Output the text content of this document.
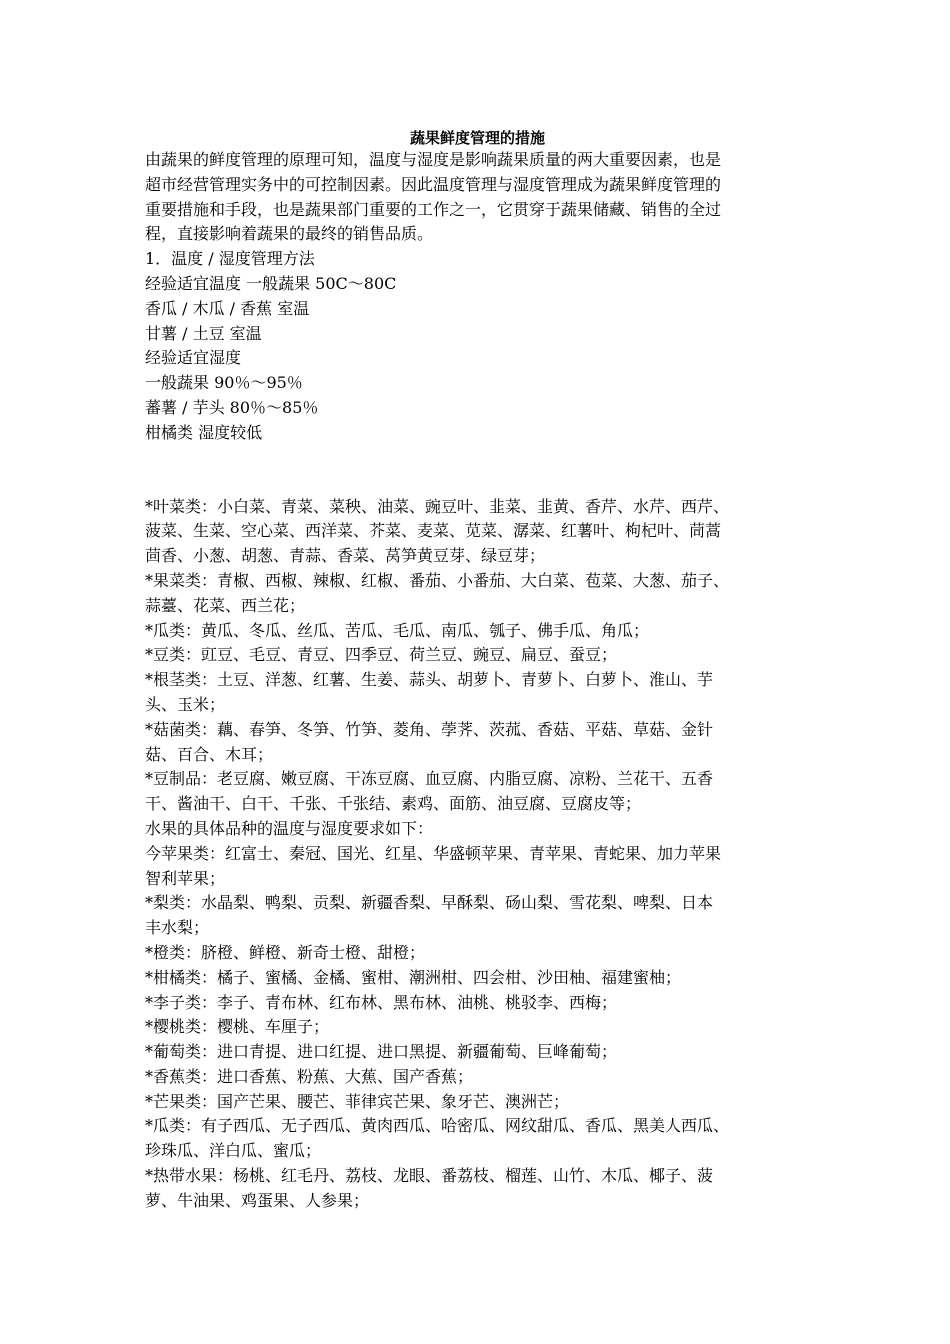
蔬果鲜度管理的措施
由蔬果的鲜度管理的原理可知，温度与湿度是影响蔬果质量的两大重要因素，也是
超市经营管理实务中的可控制因素。因此温度管理与湿度管理成为蔬果鲜度管理的
重要措施和手段，也是蔬果部门重要的工作之一，它贯穿于蔬果储藏、销售的全过
程，直接影响着蔬果的最终的销售品质。

1．温度 / 湿度管理方法

经验适宜温度 一般蔬果 50C～80C

香瓜 / 木瓜 / 香蕉 室温

甘薯 / 土豆 室温

经验适宜湿度

一般蔬果 90％～95％

蕃薯 / 芋头 80％～85％

柑橘类 湿度较低

*叶菜类：小白菜、青菜、菜秧、油菜、豌豆叶、韭菜、韭黄、香芹、水芹、西芹、

菠菜、生菜、空心菜、西洋菜、芥菜、麦菜、苋菜、潺菜、红薯叶、枸杞叶、茼蒿

茴香、小葱、胡葱、青蒜、香菜、莴笋黄豆芽、绿豆芽；

*果菜类：青椒、西椒、辣椒、红椒、番茄、小番茄、大白菜、苞菜、大葱、茄子、

蒜薹、花菜、西兰花；

*瓜类：黄瓜、冬瓜、丝瓜、苦瓜、毛瓜、南瓜、瓠子、佛手瓜、角瓜；

*豆类：豇豆、毛豆、青豆、四季豆、荷兰豆、豌豆、扁豆、蚕豆；

*根茎类：土豆、洋葱、红薯、生姜、蒜头、胡萝卜、青萝卜、白萝卜、淮山、芋

头、玉米；

*菇菌类：藕、春笋、冬笋、竹笋、菱角、荸荠、茨菰、香菇、平菇、草菇、金针

菇、百合、木耳；

*豆制品：老豆腐、嫩豆腐、干冻豆腐、血豆腐、内脂豆腐、凉粉、兰花干、五香

干、酱油干、白干、千张、千张结、素鸡、面筋、油豆腐、豆腐皮等；

水果的具体品种的温度与湿度要求如下：

今苹果类：红富士、秦冠、国光、红星、华盛顿苹果、青苹果、青蛇果、加力苹果

智利苹果；

*梨类：水晶梨、鸭梨、贡梨、新疆香梨、早酥梨、砀山梨、雪花梨、啤梨、日本

丰水梨；

*橙类：脐橙、鲜橙、新奇士橙、甜橙；

*柑橘类：橘子、蜜橘、金橘、蜜柑、潮洲柑、四会柑、沙田柚、福建蜜柚；

*李子类：李子、青布林、红布林、黑布林、油桃、桃驳李、西梅；

*樱桃类：樱桃、车厘子；

*葡萄类：进口青提、进口红提、进口黑提、新疆葡萄、巨峰葡萄；

*香蕉类：进口香蕉、粉蕉、大蕉、国产香蕉；

*芒果类：国产芒果、腰芒、菲律宾芒果、象牙芒、澳洲芒；

*瓜类：有子西瓜、无子西瓜、黄肉西瓜、哈密瓜、网纹甜瓜、香瓜、黑美人西瓜、

珍珠瓜、洋白瓜、蜜瓜；

*热带水果：杨桃、红毛丹、荔枝、龙眼、番荔枝、榴莲、山竹、木瓜、椰子、菠

萝、牛油果、鸡蛋果、人参果；
